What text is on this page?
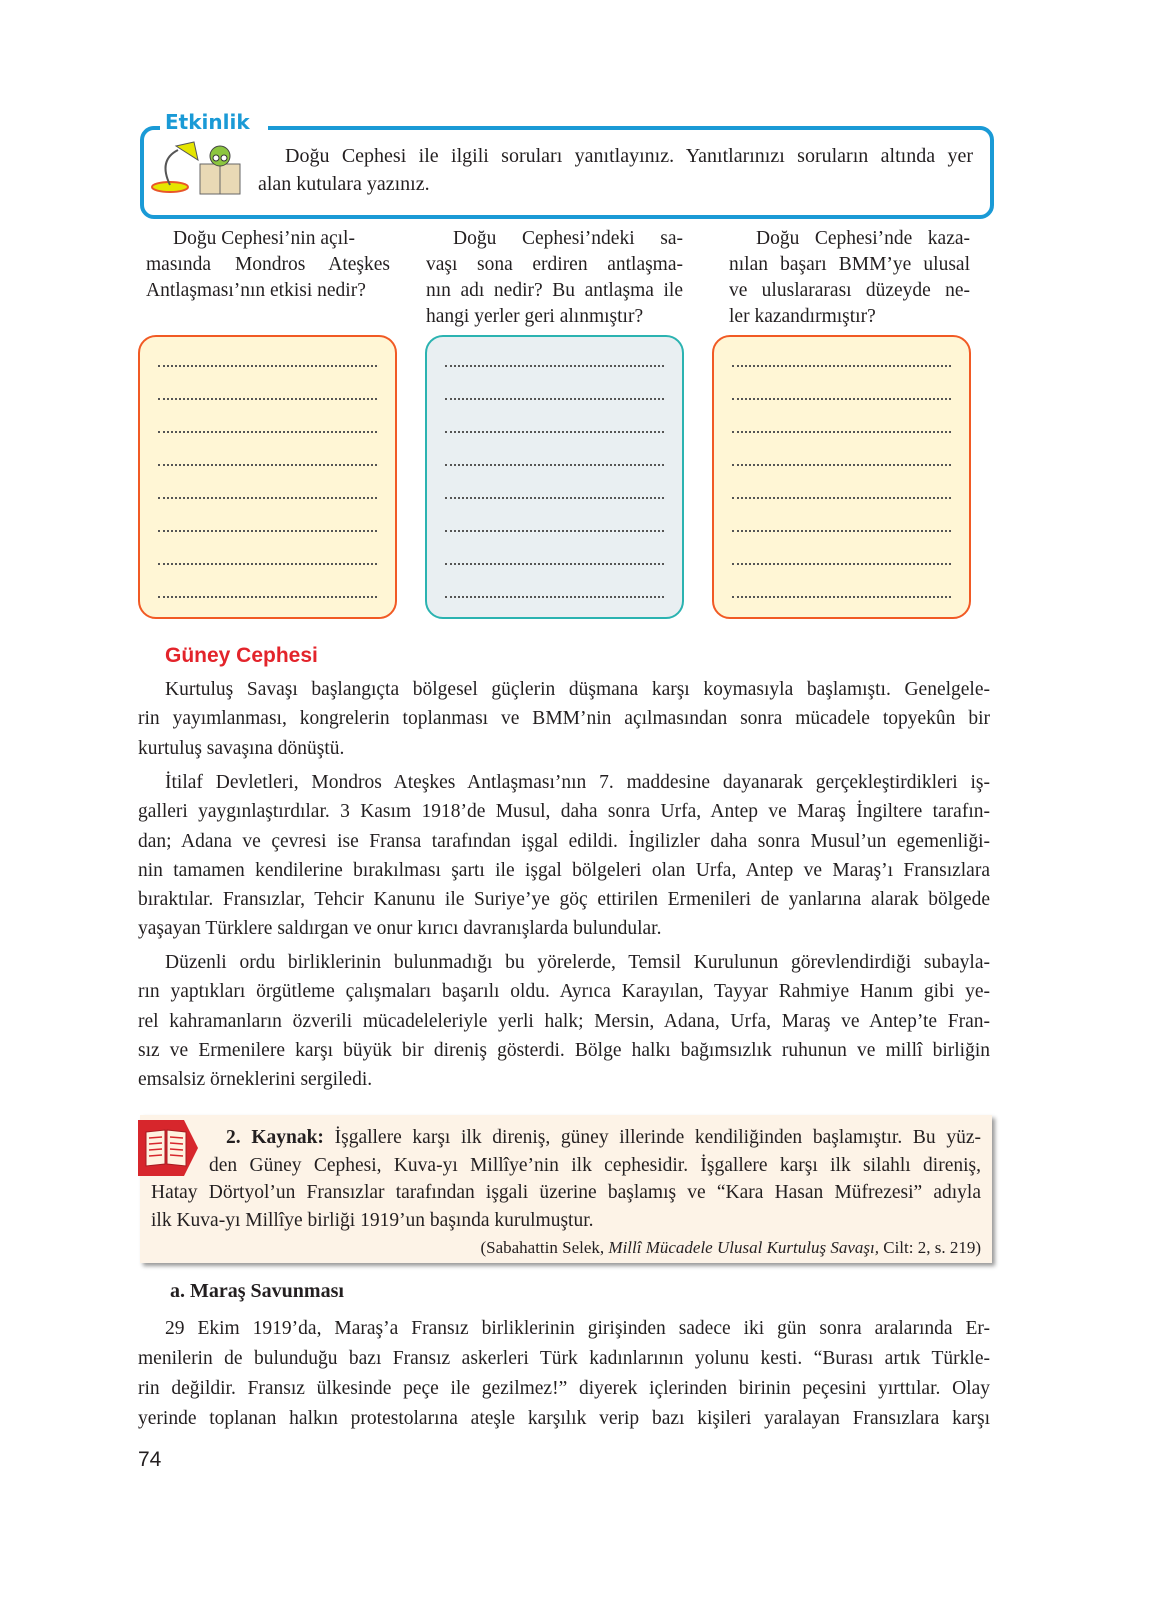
Etkinlik
Doğu Cephesi ile ilgili soruları yanıtlayınız. Yanıtlarınızı soruların altında yer
alan kutulara yazınız.
Doğu Cephesi’nin açıl-
masında Mondros Ateşkes
Antlaşması’nın etkisi nedir?
Doğu Cephesi’ndeki sa-
vaşı sona erdiren antlaşma-
nın adı nedir? Bu antlaşma ile
hangi yerler geri alınmıştır?
Doğu Cephesi’nde kaza-
nılan başarı BMM’ye ulusal
ve uluslararası düzeyde ne-
ler kazandırmıştır?
Güney Cephesi
Kurtuluş Savaşı başlangıçta bölgesel güçlerin düşmana karşı koymasıyla başlamıştı. Genelgele-
rin yayımlanması, kongrelerin toplanması ve BMM’nin açılmasından sonra mücadele topyekûn bir
kurtuluş savaşına dönüştü.
İtilaf Devletleri, Mondros Ateşkes Antlaşması’nın 7. maddesine dayanarak gerçekleştirdikleri iş-
galleri yaygınlaştırdılar. 3 Kasım 1918’de Musul, daha sonra Urfa, Antep ve Maraş İngiltere tarafın-
dan; Adana ve çevresi ise Fransa tarafından işgal edildi. İngilizler daha sonra Musul’un egemenliği-
nin tamamen kendilerine bırakılması şartı ile işgal bölgeleri olan Urfa, Antep ve Maraş’ı Fransızlara
bıraktılar. Fransızlar, Tehcir Kanunu ile Suriye’ye göç ettirilen Ermenileri de yanlarına alarak bölgede
yaşayan Türklere saldırgan ve onur kırıcı davranışlarda bulundular.
Düzenli ordu birliklerinin bulunmadığı bu yörelerde, Temsil Kurulunun görevlendirdiği subayla-
rın yaptıkları örgütleme çalışmaları başarılı oldu. Ayrıca Karayılan, Tayyar Rahmiye Hanım gibi ye-
rel kahramanların özverili mücadeleleriyle yerli halk; Mersin, Adana, Urfa, Maraş ve Antep’te Fran-
sız ve Ermenilere karşı büyük bir direniş gösterdi. Bölge halkı bağımsızlık ruhunun ve millî birliğin
emsalsiz örneklerini sergiledi.
2. Kaynak: İşgallere karşı ilk direniş, güney illerinde kendiliğinden başlamıştır. Bu yüz-
den Güney Cephesi, Kuva-yı Millîye’nin ilk cephesidir. İşgallere karşı ilk silahlı direniş,
Hatay Dörtyol’un Fransızlar tarafından işgali üzerine başlamış ve “Kara Hasan Müfrezesi” adıyla
ilk Kuva-yı Millîye birliği 1919’un başında kurulmuştur.
(Sabahattin Selek, Millî Mücadele Ulusal Kurtuluş Savaşı, Cilt: 2, s. 219)
a. Maraş Savunması
29 Ekim 1919’da, Maraş’a Fransız birliklerinin girişinden sadece iki gün sonra aralarında Er-
menilerin de bulunduğu bazı Fransız askerleri Türk kadınlarının yolunu kesti. “Burası artık Türkle-
rin değildir. Fransız ülkesinde peçe ile gezilmez!” diyerek içlerinden birinin peçesini yırttılar. Olay
yerinde toplanan halkın protestolarına ateşle karşılık verip bazı kişileri yaralayan Fransızlara karşı
74
